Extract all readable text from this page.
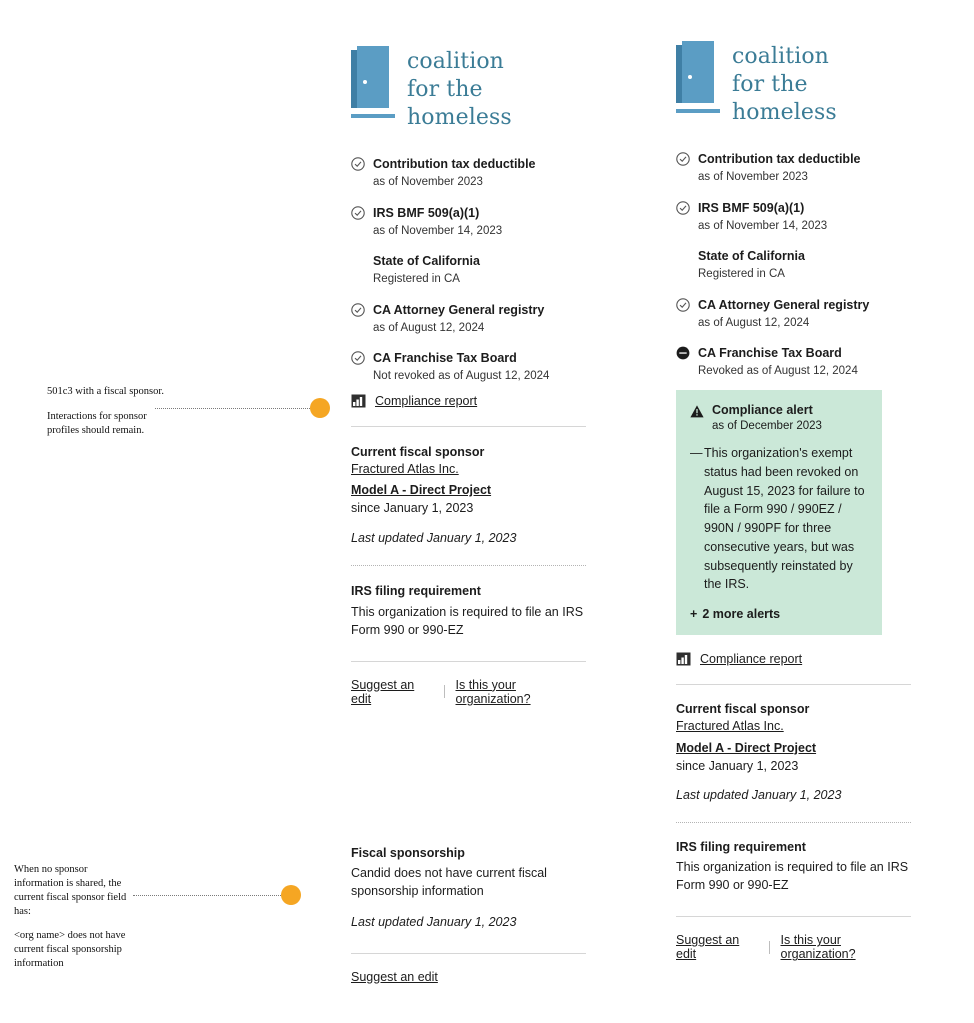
501c3 with a fiscal sponsor.

Interactions for sponsor profiles should remain.

When no sponsor information is shared, the current fiscal sponsor field has:

<org name> does not have current fiscal sponsorship information

coalition
for the
homeless
Contribution tax deductible
as of November 2023
IRS BMF 509(a)(1)
as of November 14, 2023
State of California
Registered in CA
CA Attorney General registry
as of August 12, 2024
CA Franchise Tax Board
Not revoked as of August 12, 2024
Compliance report
Current fiscal sponsor
Fractured Atlas Inc.
Model A - Direct Project
since January 1, 2023
Last updated January 1, 2023
IRS filing requirement
This organization is required to file an IRS
Form 990 or 990-EZ
Suggest an edit
Is this your organization?
Fiscal sponsorship
Candid does not have current fiscal
sponsorship information
Last updated January 1, 2023
Suggest an edit
coalition
for the
homeless
Contribution tax deductible
as of November 2023
IRS BMF 509(a)(1)
as of November 14, 2023
State of California
Registered in CA
CA Attorney General registry
as of August 12, 2024
CA Franchise Tax Board
Revoked as of August 12, 2024
Compliance alert
as of December 2023
— This organization's exempt status had been revoked on August 15, 2023 for failure to file a Form 990 / 990EZ / 990N / 990PF for three consecutive years, but was subsequently reinstated by the IRS.
+ 2 more alerts
Compliance report
Current fiscal sponsor
Fractured Atlas Inc.
Model A - Direct Project
since January 1, 2023
Last updated January 1, 2023
IRS filing requirement
This organization is required to file an IRS
Form 990 or 990-EZ
Suggest an edit
Is this your organization?
